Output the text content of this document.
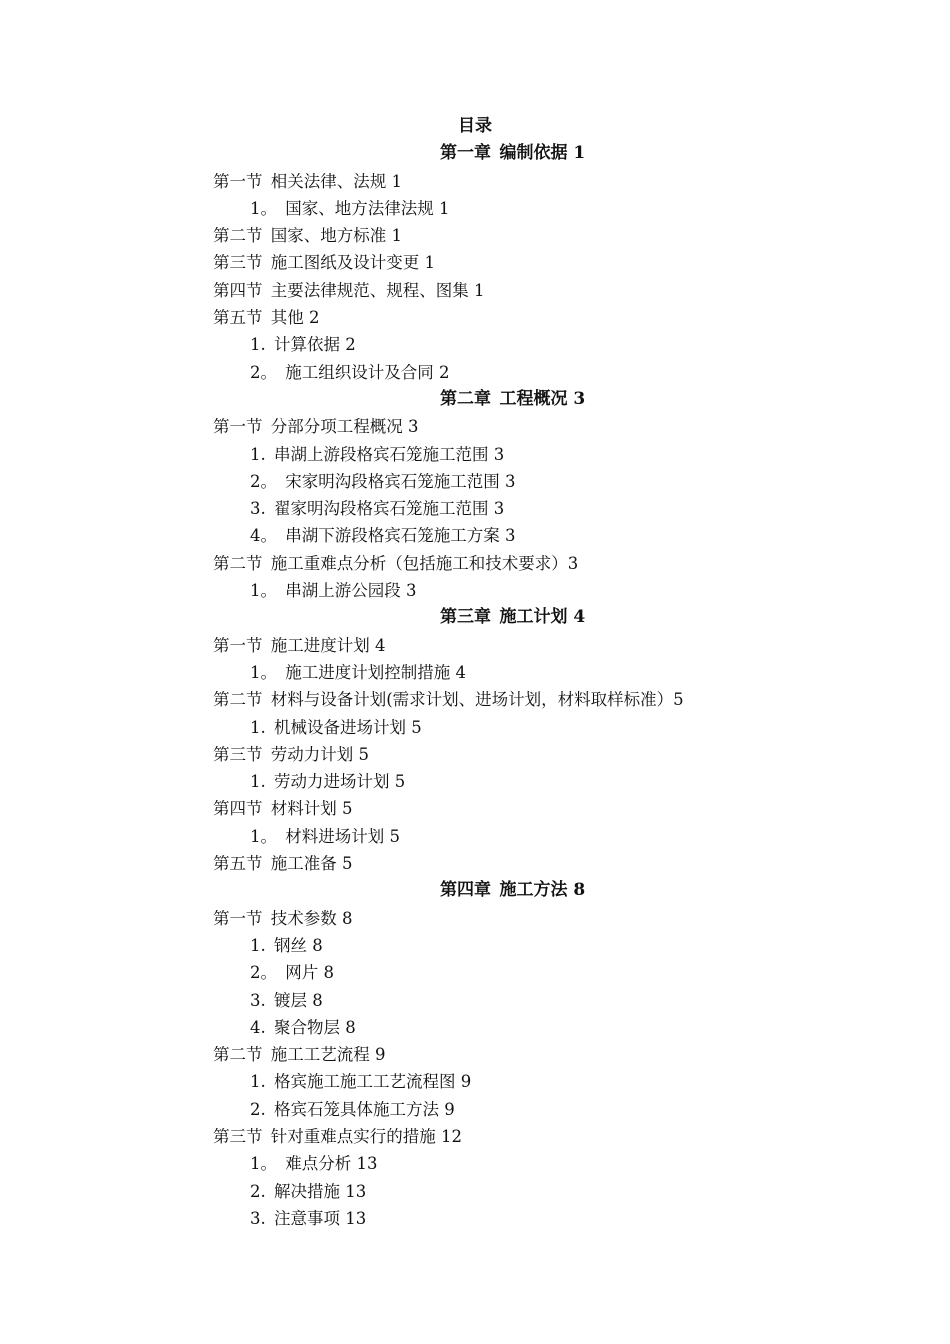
目录
第一章 编制依据 1
第一节 相关法律、法规 1
1。 国家、地方法律法规 1
第二节 国家、地方标准 1
第三节 施工图纸及设计变更 1
第四节 主要法律规范、规程、图集 1
第五节 其他 2
1. 计算依据 2
2。 施工组织设计及合同 2
第二章 工程概况 3
第一节 分部分项工程概况 3
1. 串湖上游段格宾石笼施工范围 3
2。 宋家明沟段格宾石笼施工范围 3
3. 翟家明沟段格宾石笼施工范围 3
4。 串湖下游段格宾石笼施工方案 3
第二节 施工重难点分析（包括施工和技术要求）3
1。 串湖上游公园段 3
第三章 施工计划 4
第一节 施工进度计划 4
1。 施工进度计划控制措施 4
第二节 材料与设备计划(需求计划、进场计划，材料取样标准）5
1. 机械设备进场计划 5
第三节 劳动力计划 5
1. 劳动力进场计划 5
第四节 材料计划 5
1。 材料进场计划 5
第五节 施工准备 5
第四章 施工方法 8
第一节 技术参数 8
1. 钢丝 8
2。 网片 8
3. 镀层 8
4. 聚合物层 8
第二节 施工工艺流程 9
1. 格宾施工施工工艺流程图 9
2. 格宾石笼具体施工方法 9
第三节 针对重难点实行的措施 12
1。 难点分析 13
2. 解决措施 13
3. 注意事项 13
